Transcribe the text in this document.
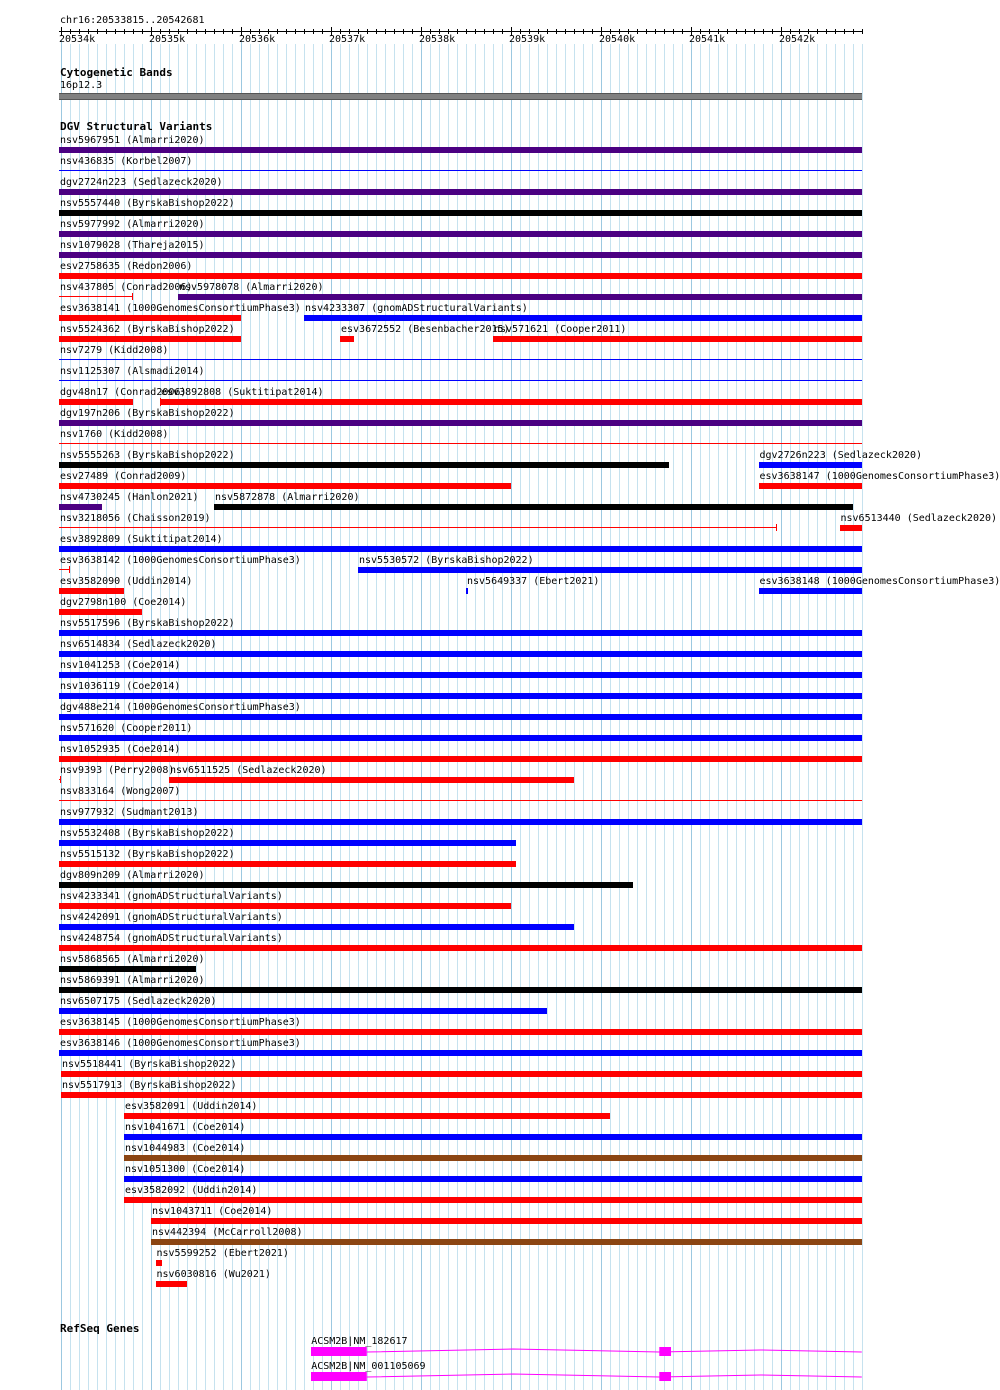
chr16:20533815..20542681
20534k	20535k	20536k	20537k	20538k	20539k	20540k	20541k	20542k
Cytogenetic Bands
16p12.3
DGV Structural Variants
nsv5967951 (Almarri2020)
nsv436835 (Korbel2007)
dgv2724n223 (Sedlazeck2020)
nsv5557440 (ByrskaBishop2022)
nsv5977992 (Almarri2020)
nsv1079028 (Thareja2015)
esv2758635 (Redon2006)
nsv437805 (Conrad2006)
nsv5978078 (Almarri2020)
esv3638141 (1000GenomesConsortiumPhase3) nsv4233307 (gnomADStructuralVariants)
nsv5524362 (ByrskaBishop2022)	esv3672552 (Besenbacher2015)
nsv571621 (Cooper2011)
nsv7279 (Kidd2008)
nsv1125307 (Alsmadi2014)
dgv48n17 (Conrad2006)
esv3892808 (Suktitipat2014)
dgv197n206 (ByrskaBishop2022)
nsv1760 (Kidd2008)
nsv5555263 (ByrskaBishop2022)	dgv2726n223 (Sedlazeck2020)
esv27489 (Conrad2009)	esv3638147 (1000GenomesConsortiumPhase3)
nsv4730245 (Hanlon2021) nsv5872878 (Almarri2020)
nsv3218056 (Chaisson2019)	nsv6513440 (Sedlazeck2020)
esv3892809 (Suktitipat2014)
esv3638142 (1000GenomesConsortiumPhase3)	nsv5530572 (ByrskaBishop2022)
esv3582090 (Uddin2014)	nsv5649337 (Ebert2021)	esv3638148 (1000GenomesConsortiumPhase3)
dgv2798n100 (Coe2014)
nsv5517596 (ByrskaBishop2022)
nsv6514834 (Sedlazeck2020)
nsv1041253 (Coe2014)
nsv1036119 (Coe2014)
dgv488e214 (1000GenomesConsortiumPhase3)
nsv571620 (Cooper2011)
nsv1052935 (Coe2014)
nsv9393 (Perry2008)
nsv6511525 (Sedlazeck2020)
nsv833164 (Wong2007)
nsv977932 (Sudmant2013)
nsv5532408 (ByrskaBishop2022)
nsv5515132 (ByrskaBishop2022)
dgv809n209 (Almarri2020)
nsv4233341 (gnomADStructuralVariants)
nsv4242091 (gnomADStructuralVariants)
nsv4248754 (gnomADStructuralVariants)
nsv5868565 (Almarri2020)
nsv5869391 (Almarri2020)
nsv6507175 (Sedlazeck2020)
esv3638145 (1000GenomesConsortiumPhase3)
esv3638146 (1000GenomesConsortiumPhase3)
nsv5518441 (ByrskaBishop2022)
nsv5517913 (ByrskaBishop2022)
esv3582091 (Uddin2014)
nsv1041671 (Coe2014)
nsv1044983 (Coe2014)
nsv1051300 (Coe2014)
esv3582092 (Uddin2014)
nsv1043711 (Coe2014)
nsv442394 (McCarroll2008)
nsv5599252 (Ebert2021)
nsv6030816 (Wu2021)
RefSeq Genes
ACSM2B|NM_182617
ACSM2B|NM_001105069
